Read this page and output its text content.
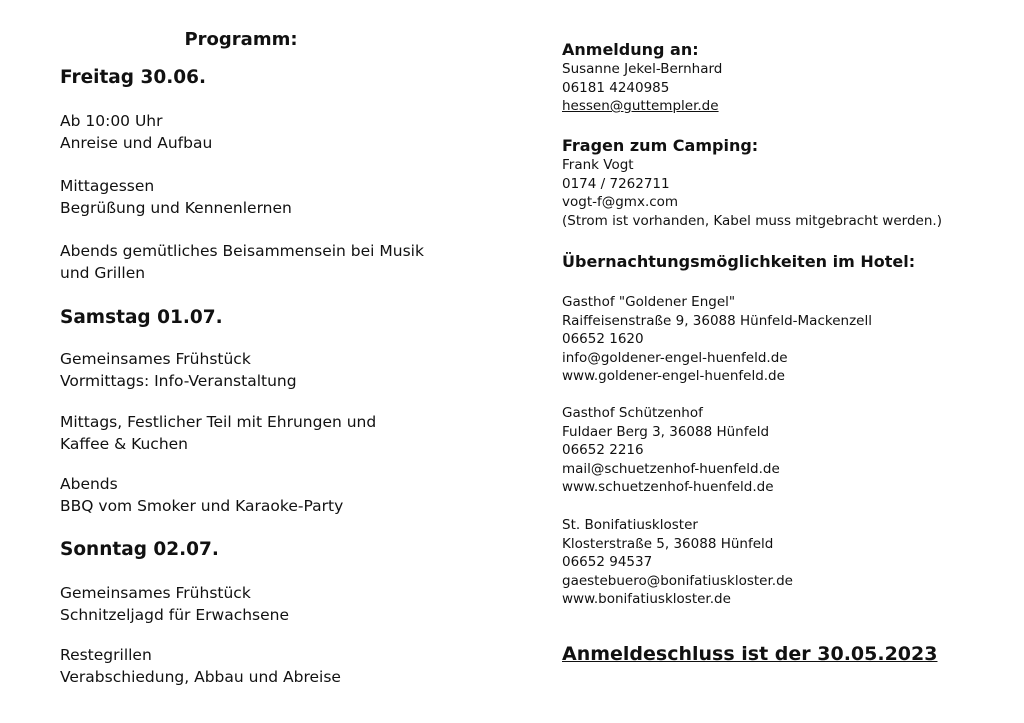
Programm:
Freitag 30.06.
Ab 10:00 Uhr
Anreise und Aufbau
Mittagessen
Begrüßung und Kennenlernen
Abends gemütliches Beisammensein bei Musik
und Grillen
Samstag 01.07.
Gemeinsames Frühstück
Vormittags: Info-Veranstaltung
Mittags, Festlicher Teil mit Ehrungen und
Kaffee & Kuchen
Abends
BBQ vom Smoker und Karaoke-Party
Sonntag 02.07.
Gemeinsames Frühstück
Schnitzeljagd für Erwachsene
Restegrillen
Verabschiedung, Abbau und Abreise
Anmeldung an:
Susanne Jekel-Bernhard
06181 4240985
hessen@guttempler.de
Fragen zum Camping:
Frank Vogt
0174 / 7262711
vogt-f@gmx.com
(Strom ist vorhanden, Kabel muss mitgebracht werden.)
Übernachtungsmöglichkeiten im Hotel:
Gasthof "Goldener Engel"
Raiffeisenstraße 9, 36088 Hünfeld-Mackenzell
06652 1620
info@goldener-engel-huenfeld.de
www.goldener-engel-huenfeld.de
Gasthof Schützenhof
Fuldaer Berg 3, 36088 Hünfeld
06652 2216
mail@schuetzenhof-huenfeld.de
www.schuetzenhof-huenfeld.de
St. Bonifatiuskloster
Klosterstraße 5, 36088 Hünfeld
06652 94537
gaestebuero@bonifatiuskloster.de
www.bonifatiuskloster.de
Anmeldeschluss ist der 30.05.2023
